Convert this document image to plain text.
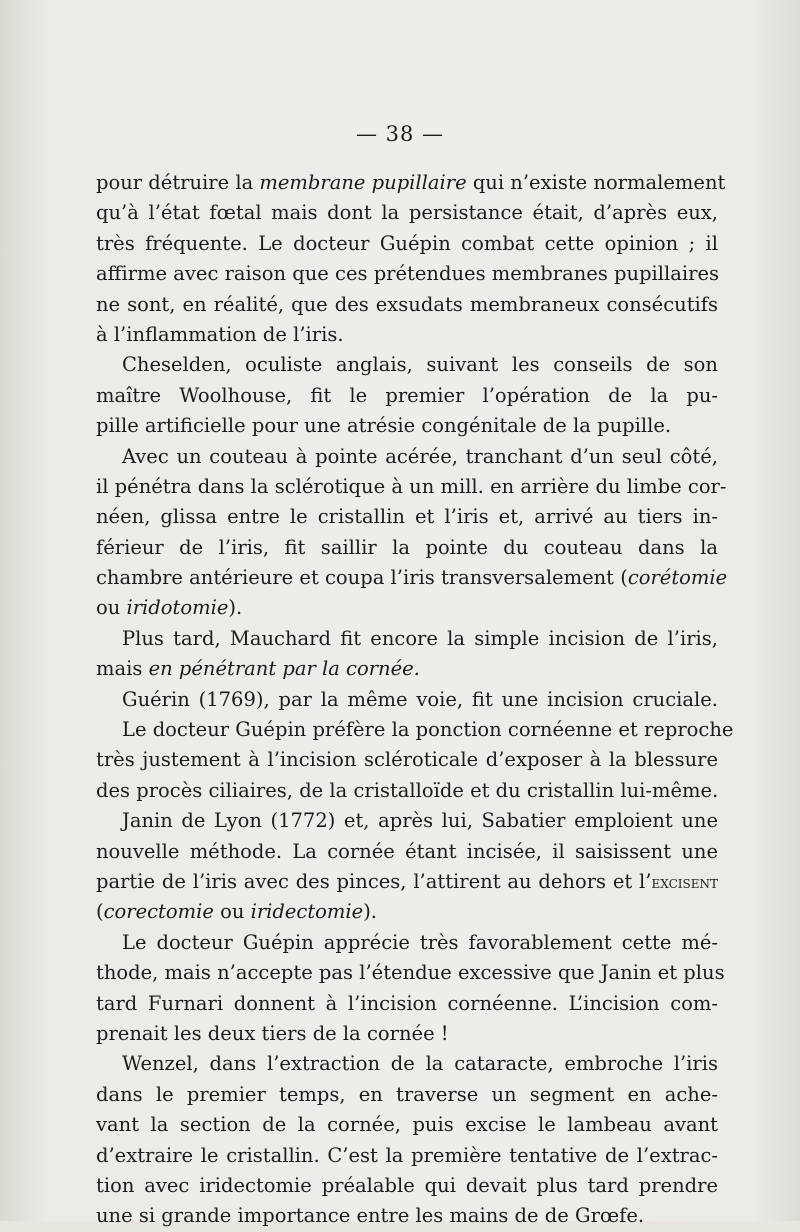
— 38 —
pour détruire la membrane pupillaire qui n’existe normalement
qu’à l’état fœtal mais dont la persistance était, d’après eux,
très fréquente. Le docteur Guépin combat cette opinion ; il
affirme avec raison que ces prétendues membranes pupillaires
ne sont, en réalité, que des exsudats membraneux consécutifs
à l’inflammation de l’iris.
Cheselden, oculiste anglais, suivant les conseils de son
maître Woolhouse, fit le premier l’opération de la pu-
pille artificielle pour une atrésie congénitale de la pupille.
Avec un couteau à pointe acérée, tranchant d’un seul côté,
il pénétra dans la sclérotique à un mill. en arrière du limbe cor-
néen, glissa entre le cristallin et l’iris et, arrivé au tiers in-
férieur de l’iris, fit saillir la pointe du couteau dans la
chambre antérieure et coupa l’iris transversalement (corétomie
ou iridotomie).
Plus tard, Mauchard fit encore la simple incision de l’iris,
mais en pénétrant par la cornée.
Guérin (1769), par la même voie, fit une incision cruciale.
Le docteur Guépin préfère la ponction cornéenne et reproche
très justement à l’incision scléroticale d’exposer à la blessure
des procès ciliaires, de la cristalloïde et du cristallin lui-même.
Janin de Lyon (1772) et, après lui, Sabatier emploient une
nouvelle méthode. La cornée étant incisée, il saisissent une
partie de l’iris avec des pinces, l’attirent au dehors et l’excisent
(corectomie ou iridectomie).
Le docteur Guépin apprécie très favorablement cette mé-
thode, mais n’accepte pas l’étendue excessive que Janin et plus
tard Furnari donnent à l’incision cornéenne. L’incision com-
prenait les deux tiers de la cornée !
Wenzel, dans l’extraction de la cataracte, embroche l’iris
dans le premier temps, en traverse un segment en ache-
vant la section de la cornée, puis excise le lambeau avant
d’extraire le cristallin. C’est la première tentative de l’extrac-
tion avec iridectomie préalable qui devait plus tard prendre
une si grande importance entre les mains de de Grœfe.
